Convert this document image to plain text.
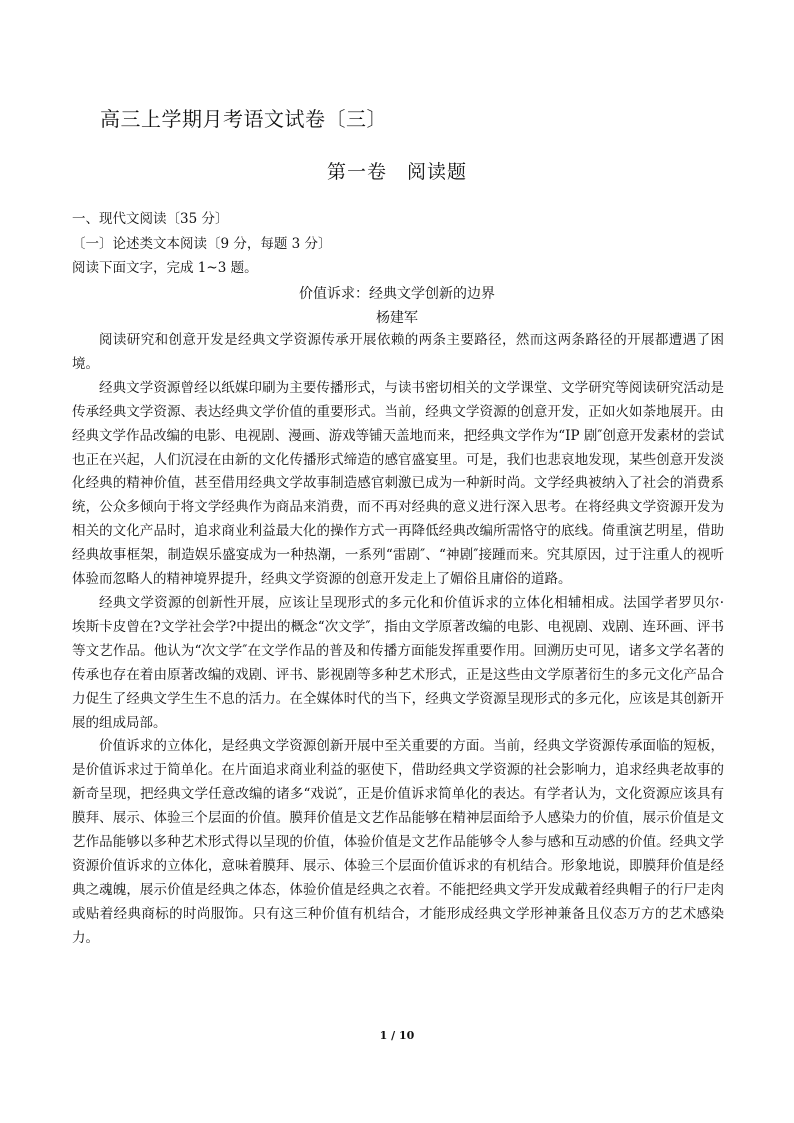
高三上学期月考语文试卷〔三〕
第一卷　阅读题
一、现代文阅读〔35 分〕
〔一〕论述类文本阅读〔9 分，每题 3 分〕
阅读下面文字，完成 1~3 题。
价值诉求：经典文学创新的边界
杨建军

阅读研究和创意开发是经典文学资源传承开展依赖的两条主要路径，然而这两条路径的开展都遭遇了困境。

经典文学资源曾经以纸媒印刷为主要传播形式，与读书密切相关的文学课堂、文学研究等阅读研究活动是传承经典文学资源、表达经典文学价值的重要形式。当前，经典文学资源的创意开发，正如火如荼地展开。由经典文学作品改编的电影、电视剧、漫画、游戏等铺天盖地而来，把经典文学作为“IP 剧″创意开发素材的尝试也正在兴起，人们沉浸在由新的文化传播形式缔造的感官盛宴里。可是，我们也悲哀地发现，某些创意开发淡化经典的精神价值，甚至借用经典文学故事制造感官刺激已成为一种新时尚。文学经典被纳入了社会的消费系统，公众多倾向于将文学经典作为商品来消费，而不再对经典的意义进行深入思考。在将经典文学资源开发为相关的文化产品时，追求商业利益最大化的操作方式一再降低经典改编所需恪守的底线。倚重演艺明星，借助经典故事框架，制造娱乐盛宴成为一种热潮，一系列“雷剧″、“神剧″接踵而来。究其原因，过于注重人的视听体验而忽略人的精神境界提升，经典文学资源的创意开发走上了媚俗且庸俗的道路。

经典文学资源的创新性开展，应该让呈现形式的多元化和价值诉求的立体化相辅相成。法国学者罗贝尔·埃斯卡皮曾在?文学社会学?中提出的概念“次文学″，指由文学原著改编的电影、电视剧、戏剧、连环画、评书等文艺作品。他认为“次文学″在文学作品的普及和传播方面能发挥重要作用。回溯历史可见，诸多文学名著的传承也存在着由原著改编的戏剧、评书、影视剧等多种艺术形式，正是这些由文学原著衍生的多元文化产品合力促生了经典文学生生不息的活力。在全媒体时代的当下，经典文学资源呈现形式的多元化，应该是其创新开展的组成局部。

价值诉求的立体化，是经典文学资源创新开展中至关重要的方面。当前，经典文学资源传承面临的短板，是价值诉求过于简单化。在片面追求商业利益的驱使下，借助经典文学资源的社会影响力，追求经典老故事的新奇呈现，把经典文学任意改编的诸多“戏说″，正是价值诉求简单化的表达。有学者认为，文化资源应该具有膜拜、展示、体验三个层面的价值。膜拜价值是文艺作品能够在精神层面给予人感染力的价值，展示价值是文艺作品能够以多种艺术形式得以呈现的价值，体验价值是文艺作品能够令人参与感和互动感的价值。经典文学资源价值诉求的立体化，意味着膜拜、展示、体验三个层面价值诉求的有机结合。形象地说，即膜拜价值是经典之魂魄，展示价值是经典之体态，体验价值是经典之衣着。不能把经典文学开发成戴着经典帽子的行尸走肉或贴着经典商标的时尚服饰。只有这三种价值有机结合，才能形成经典文学形神兼备且仪态万方的艺术感染力。

1 / 10
